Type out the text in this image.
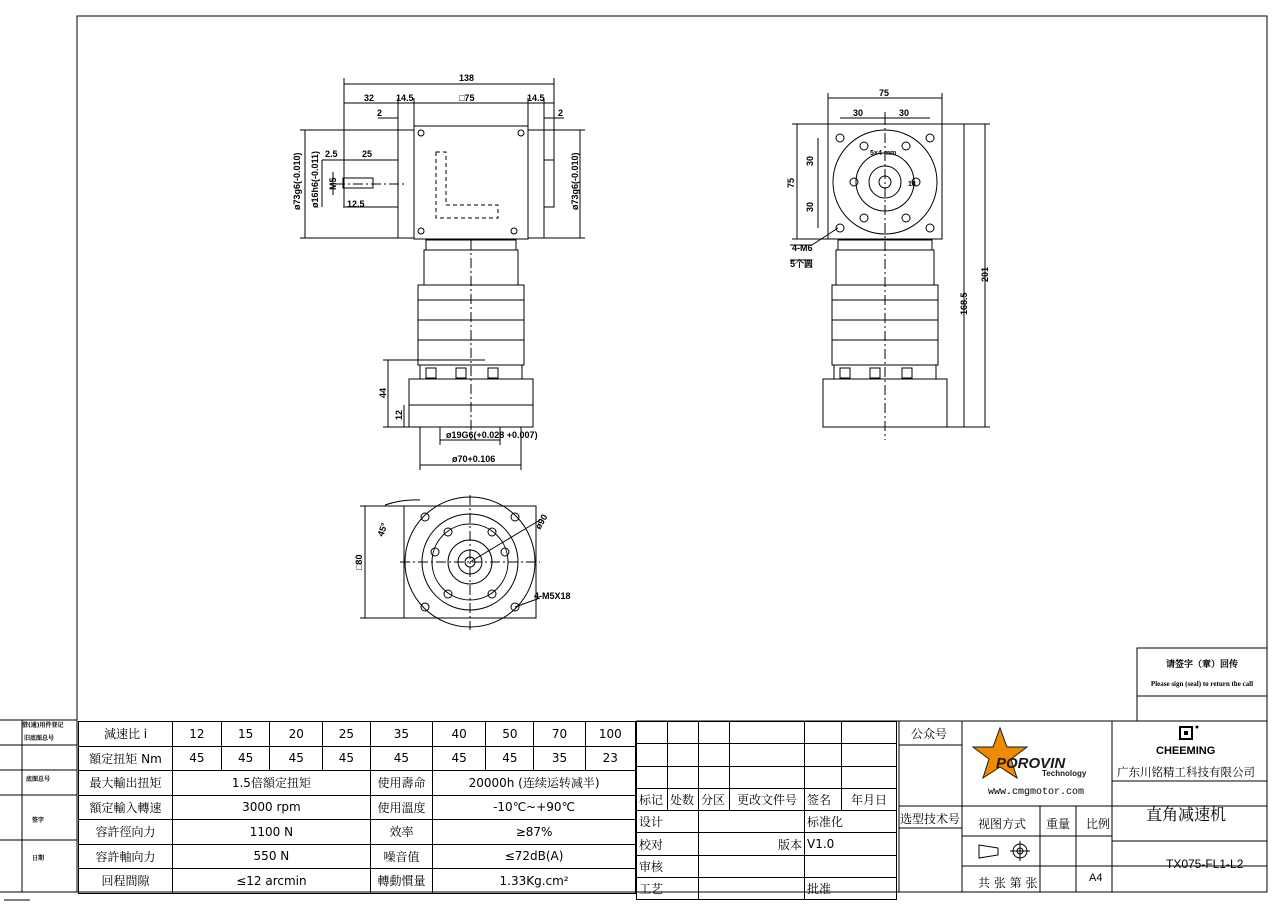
138
32 14.5	□75	14.5
2	2
2.5	25
12.5
ø73g6(-0.010) ø16h6(-0.011) M5	ø73g6(-0.010)
44
12
ø19G6(+0.028 +0.007)
ø70+0.106
75
30	30
30
30
75
5×4 mm
18
4-M6
5个圆
201
168.5
45°	ø90
□80
4-M5X18
借(通)用件登记
旧底图总号
底图总号
签字
日期
请签字（章）回传
Please sign (seal) to return the call
POROVIN
Technology
減速比 i	12	15	20	25	35	40	50	70	100
額定扭矩 Nm	45	45	45	45	45	45	45	35	23
最大輸出扭矩	1.5倍額定扭矩				使用壽命	20000h (连续运转减半)			
額定輸入轉速	3000 rpm				使用溫度	-10℃~+90℃			
容許徑向力	1100 N				效率	≥87%			
容許軸向力	550 N				噪音值	≤72dB(A)			
回程間隙	≤12 arcmin				轉動慣量	1.33Kg.cm²			

标记	处数	分区	更改文件号	签名	年月日
设计				标准化	
校对		版本		V1.0	
审核					
工艺				批准	
公众号
选型技术号
www.cmgmotor.com
CHEEMING
广东川铭精工科技有限公司
直角减速机
视图方式 重量 比例
TX075-FL1-L2
共 张 第 张	A4
